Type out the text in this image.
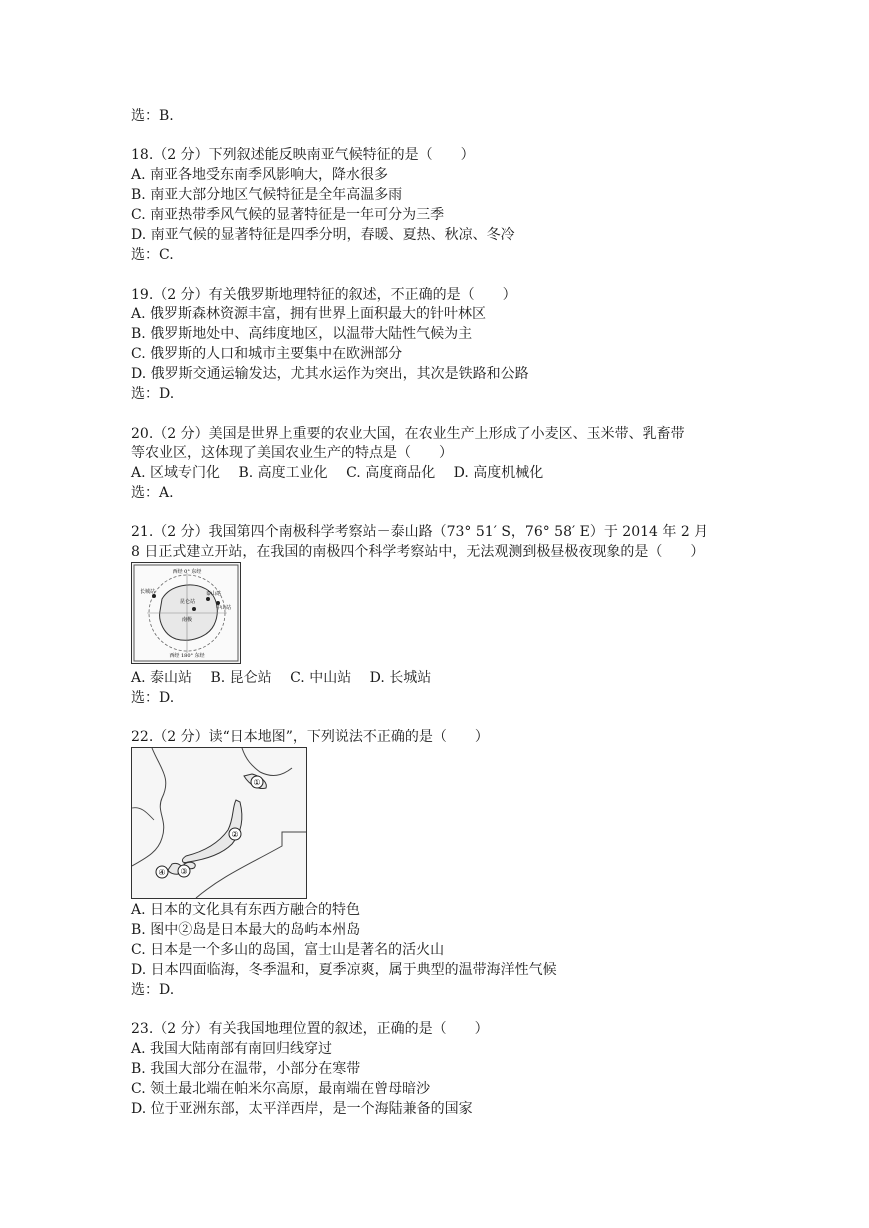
选：B.
18.（2 分）下列叙述能反映南亚气候特征的是（　　）
A. 南亚各地受东南季风影响大，降水很多
B. 南亚大部分地区气候特征是全年高温多雨
C. 南亚热带季风气候的显著特征是一年可分为三季
D. 南亚气候的显著特征是四季分明，春暖、夏热、秋凉、冬冷
选：C.
19.（2 分）有关俄罗斯地理特征的叙述，不正确的是（　　）
A. 俄罗斯森林资源丰富，拥有世界上面积最大的针叶林区
B. 俄罗斯地处中、高纬度地区，以温带大陆性气候为主
C. 俄罗斯的人口和城市主要集中在欧洲部分
D. 俄罗斯交通运输发达，尤其水运作为突出，其次是铁路和公路
选：D.
20.（2 分）美国是世界上重要的农业大国，在农业生产上形成了小麦区、玉米带、乳畜带
等农业区，这体现了美国农业生产的特点是（　　）
A. 区域专门化　 B. 高度工业化　 C. 高度商品化　 D. 高度机械化
选：A.
21.（2 分）我国第四个南极科学考察站－泰山路（73° 51′ S，76° 58′ E）于 2014 年 2 月
8 日正式建立开站，在我国的南极四个科学考察站中，无法观测到极昼极夜现象的是（　　）
西经 0° 东经
长城站	泰山站
昆仑站
中山站
南极
西经 180° 东经
A. 泰山站　 B. 昆仑站　 C. 中山站　 D. 长城站
选：D.
22.（2 分）读“日本地图”，下列说法不正确的是（　　）
①
②
③
④
A. 日本的文化具有东西方融合的特色
B. 图中②岛是日本最大的岛屿本州岛
C. 日本是一个多山的岛国，富士山是著名的活火山
D. 日本四面临海，冬季温和，夏季凉爽，属于典型的温带海洋性气候
选：D.
23.（2 分）有关我国地理位置的叙述，正确的是（　　）
A. 我国大陆南部有南回归线穿过
B. 我国大部分在温带，小部分在寒带
C. 领土最北端在帕米尔高原，最南端在曾母暗沙
D. 位于亚洲东部，太平洋西岸，是一个海陆兼备的国家
